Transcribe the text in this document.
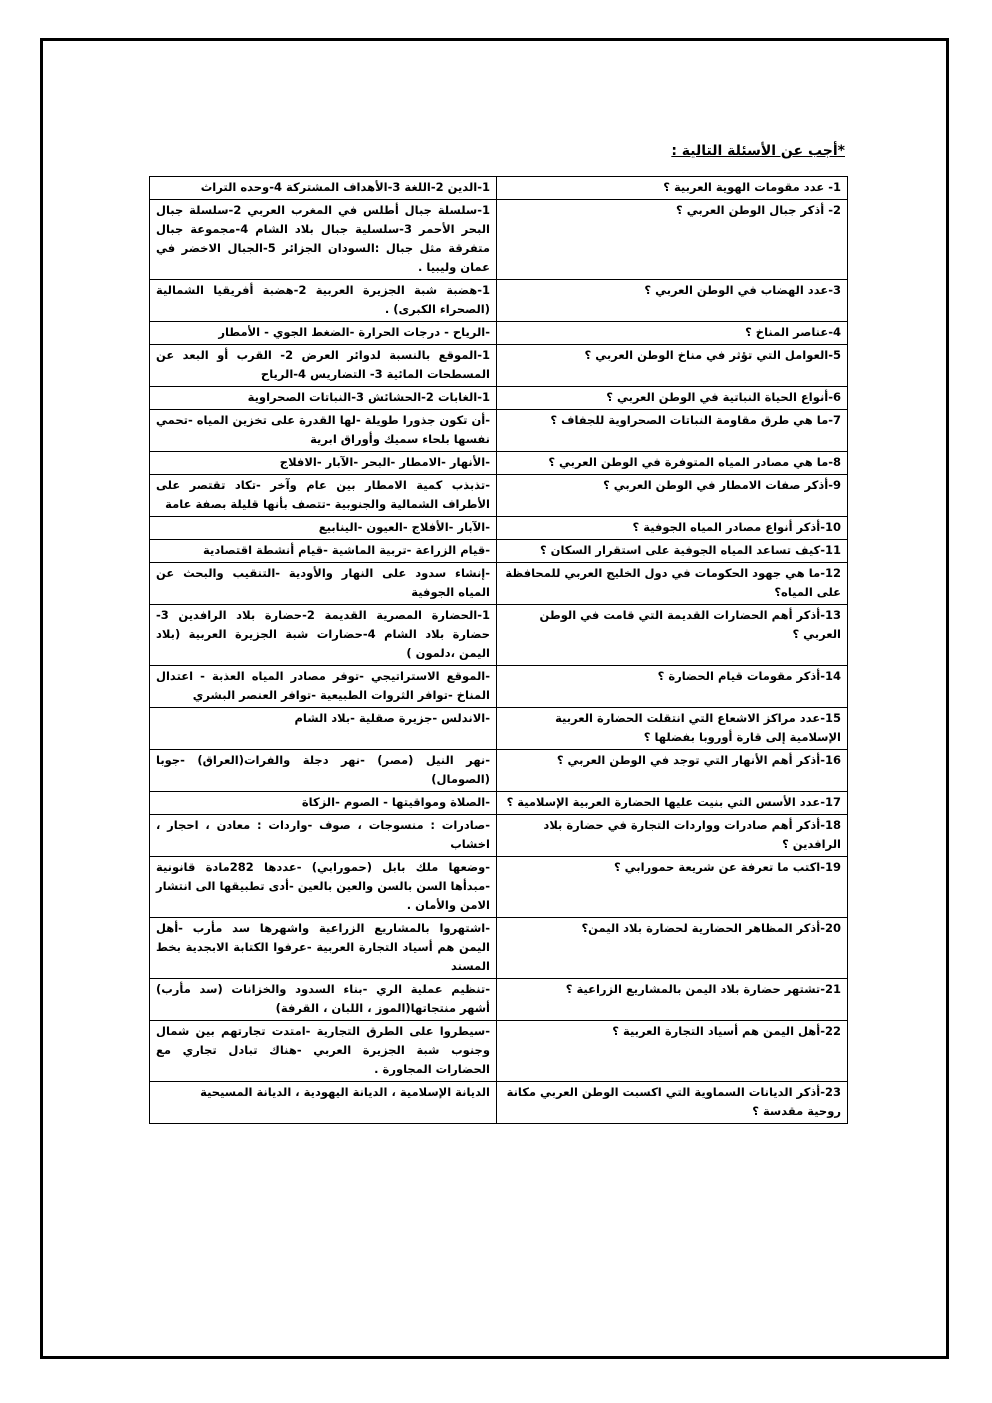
*أجب عن الأسئلة التالية :
1- عدد مقومات الهوية العربية ؟	1-الدين 2-اللغة 3-الأهداف المشتركة 4-وحده التراث
2- أذكر جبال الوطن العربي ؟	1-سلسلة جبال أطلس في المغرب العربي 2-سلسلة جبال البحر الأحمر 3-سلسلية جبال بلاد الشام 4-مجموعة جبال متفرقة مثل جبال :السودان الجزائر 5-الجبال الاخضر في عمان وليبيا .
3-عدد الهضاب في الوطن العربي ؟	1-هضبة شبة الجزيرة العربية 2-هضبة أفريقيا الشمالية (الصحراء الكبرى) .
4-عناصر المناخ ؟	-الرياح - درجات الحرارة -الضغط الجوي - الأمطار
5-العوامل التي تؤثر في مناخ الوطن العربي ؟	1-الموقع بالنسبة لدوائر العرض 2- القرب أو البعد عن المسطحات المائية 3- التضاريس 4-الرياح
6-أنواع الحياة النباتية في الوطن العربي ؟	1-الغابات 2-الحشائش 3-النباتات الصحراوية
7-ما هي طرق مقاومة النباتات الصحراوية للجفاف ؟	-أن تكون جذورا طويلة -لها القدرة على تخزين المياه -تحمي نفسها بلحاء سميك وأوراق ابرية
8-ما هي مصادر المياه المتوفرة في الوطن العربي ؟	-الأنهار -الامطار -البحر -الآبار -الافلاج
9-أذكر صفات الامطار في الوطن العربي ؟	-تذبذب كمية الامطار بين عام وآخر -تكاد تقتصر على الأطراف الشمالية والجنوبية -تتصف بأنها قليلة بصفة عامة
10-أذكر أنواع مصادر المياه الجوفية ؟	-الآبار -الأفلاج -العيون -الينابيع
11-كيف تساعد المياه الجوفية على استقرار السكان ؟	-قيام الزراعة -تربية الماشية -قيام أنشطة اقتصادية
12-ما هي جهود الحكومات في دول الخليج العربي للمحافظة على المياه؟	-إنشاء سدود على النهار والأودية -التنقيب والبحث عن المياه الجوفية
13-أذكر أهم الحضارات القديمة التي قامت في الوطن العربي ؟	1-الحضارة المصرية القديمة 2-حضارة بلاد الرافدين 3-حضارة بلاد الشام 4-حضارات شبة الجزيرة العربية (بلاد اليمن ،دلمون )
14-أذكر مقومات قيام الحضارة ؟	-الموقع الاستراتيجي -توفر مصادر المياه العذبة - اعتدال المناخ -توافر الثروات الطبيعية -توافر العنصر البشري
15-عدد مراكز الاشعاع التي انتقلت الحضارة العربية الإسلامية إلى قارة أوروبا بفضلها ؟	-الاندلس -جزيرة صقلية -بلاد الشام
16-أذكر أهم الأنهار التي توجد في الوطن العربي ؟	-نهر النيل (مصر) -نهر دجلة والفرات(العراق) -جوبا (الصومال)
17-عدد الأسس التي بنيت عليها الحضارة العربية الإسلامية ؟	-الصلاة ومواقيتها - الصوم -الزكاة
18-أذكر أهم صادرات وواردات التجارة في حضارة بلاد الرافدين ؟	-صادرات : منسوجات ، صوف -واردات : معادن ، احجار ، اخشاب
19-اكتب ما تعرفة عن شريعة حمورابي ؟	-وضعها ملك بابل (حمورابي) -عددها 282مادة قانونية -مبدأها السن بالسن والعين بالعين -أدى تطبيقها الى انتشار الامن والأمان .
20-أذكر المظاهر الحضارية لحضارة بلاد اليمن؟	-اشتهروا بالمشاريع الزراعية واشهرها سد مأرب -أهل اليمن هم أسياد التجارة العربية -عرفوا الكتابة الابجدية بخط المسند
21-تشتهر حضارة بلاد اليمن بالمشاريع الزراعية ؟	-تنظيم عملية الري -بناء السدود والخزانات (سد مأرب) أشهر منتجاتها(الموز ، اللبان ، القرفة)
22-أهل اليمن هم أسياد التجارة العربية ؟	-سيطروا على الطرق التجارية -امتدت تجارتهم بين شمال وجنوب شبة الجزيرة العربي -هناك تبادل تجاري مع الحضارات المجاورة .
23-أذكر الديانات السماوية التي اكسبت الوطن العربي مكانة روحية مقدسة ؟	الديانة الإسلامية ، الديانة اليهودية ، الديانة المسيحية
